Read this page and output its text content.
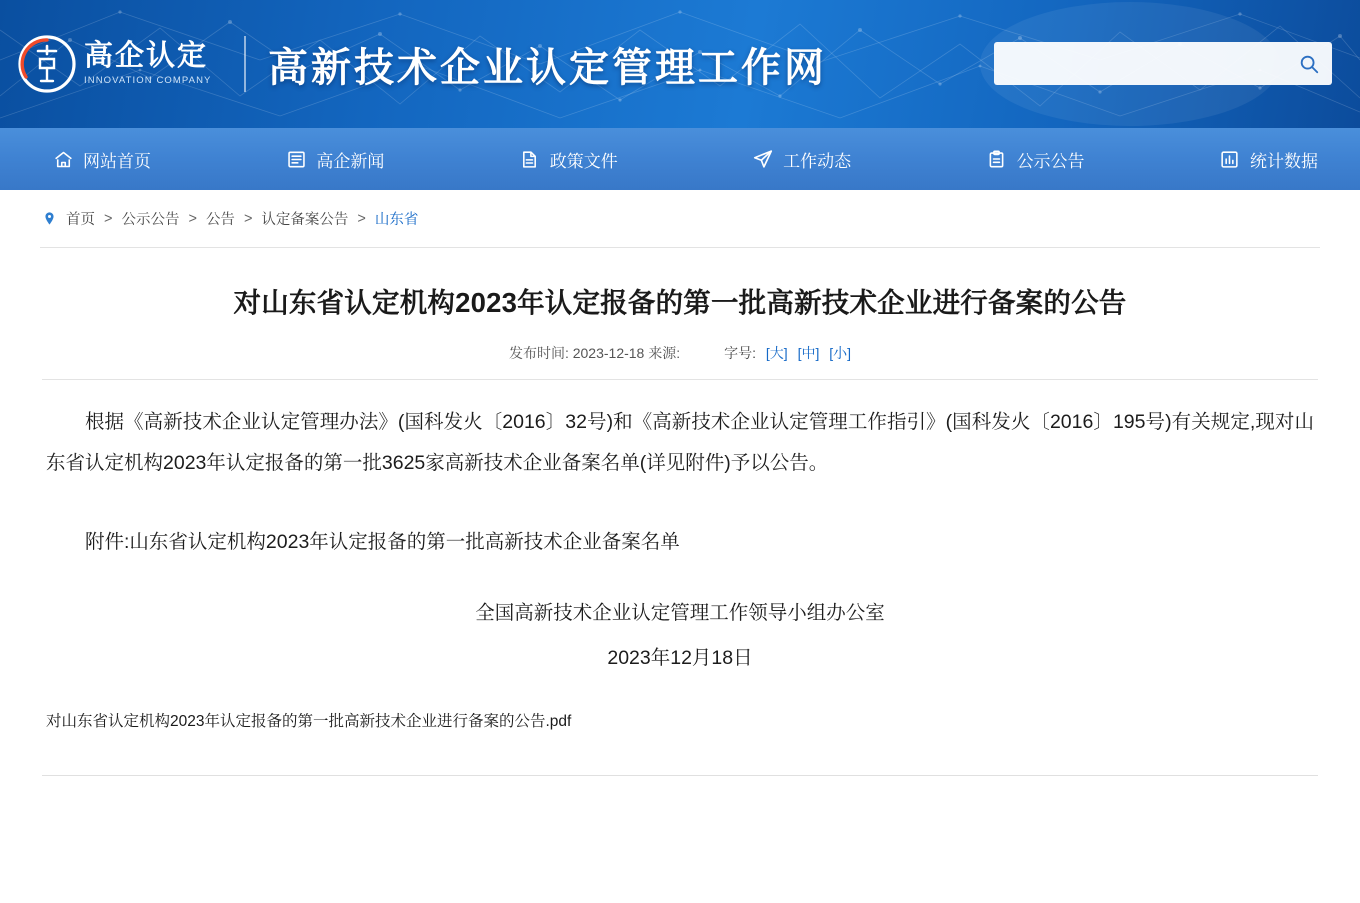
高企认定
INNOVATION COMPANY 高新技术企业认定管理工作网
网站首页	高企新闻	政策文件	工作动态	公示公告	统计数据
首页 > 公示公告 > 公告 > 认定备案公告 > 山东省
对山东省认定机构2023年认定报备的第一批高新技术企业进行备案的公告
发布时间: 2023-12-18 来源:	字号: [大] [中] [小]

根据《高新技术企业认定管理办法》(国科发火〔2016〕32号)和《高新技术企业认定管理工作指引》(国科发火〔2016〕195号)有关规定,现对山东省认定机构2023年认定报备的第一批3625家高新技术企业备案名单(详见附件)予以公告。

附件:山东省认定机构2023年认定报备的第一批高新技术企业备案名单

全国高新技术企业认定管理工作领导小组办公室

2023年12月18日

对山东省认定机构2023年认定报备的第一批高新技术企业进行备案的公告.pdf
